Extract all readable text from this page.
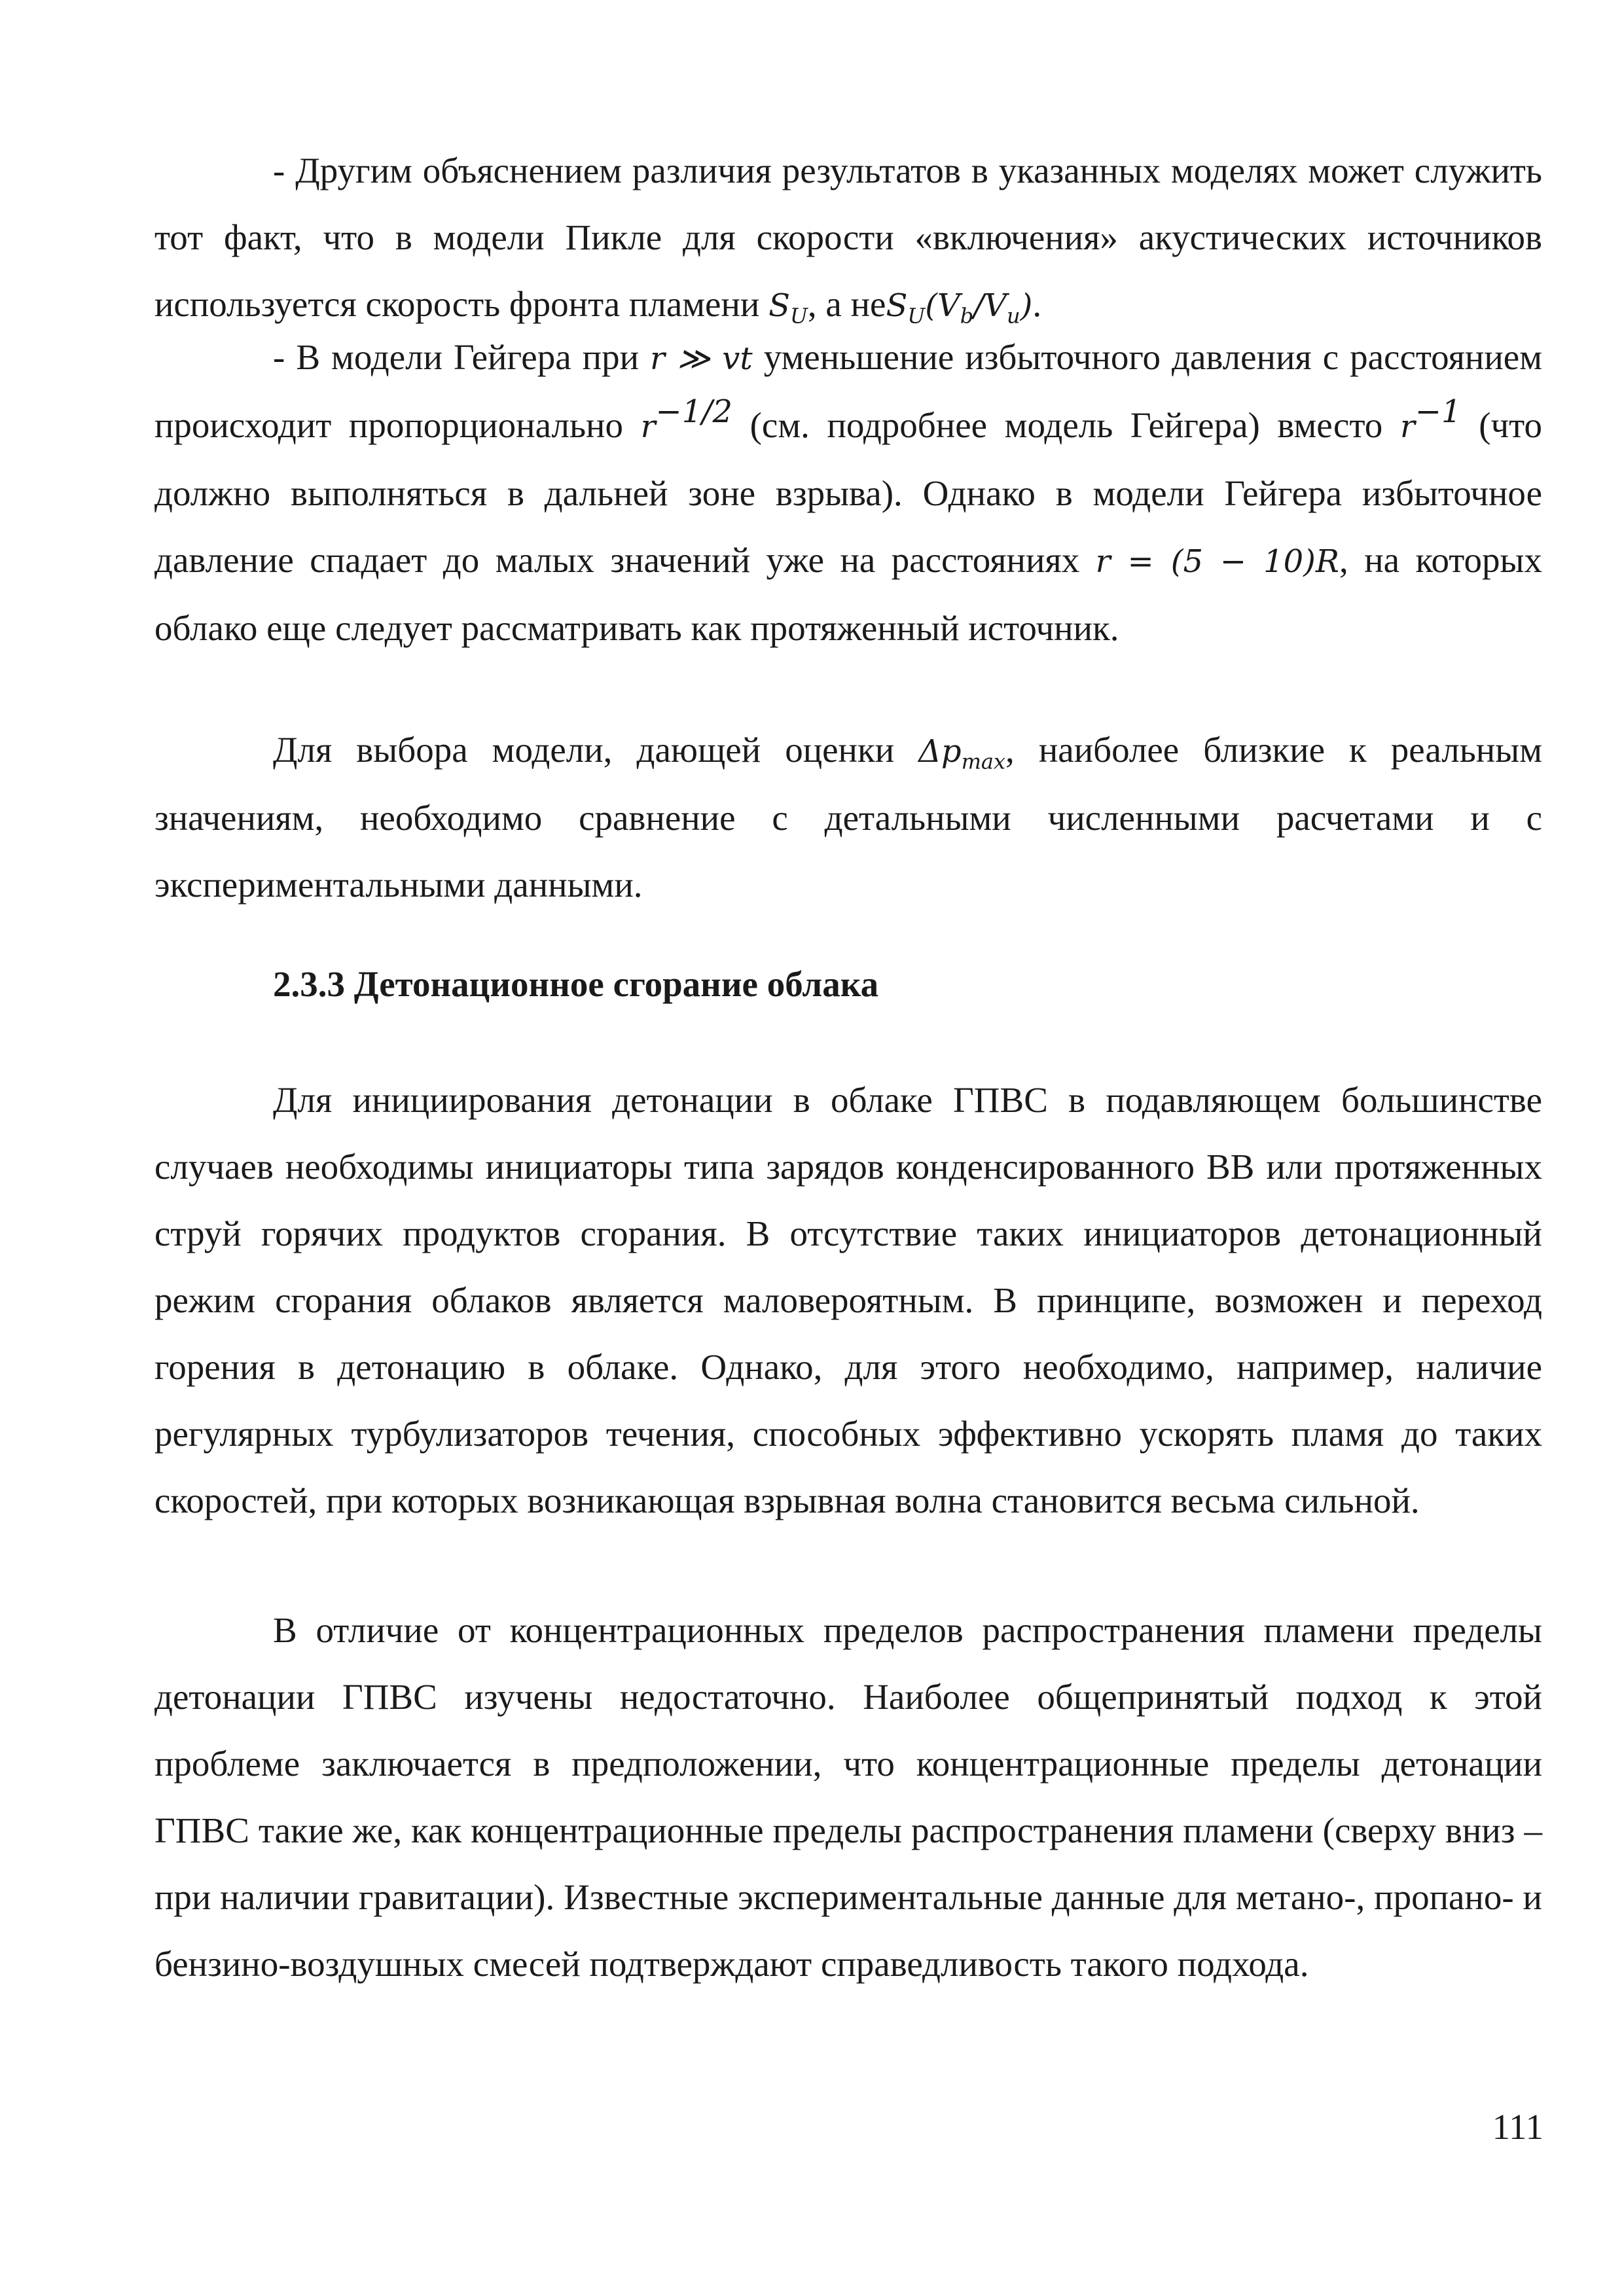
- Другим объяснением различия результатов в указанных моделях может служить тот факт, что в модели Пикле для скорости «включения» акустических источников используется скорость фронта пламени $S_U$, а $неS_U(V_b/V_u)$.

- В модели Гейгера при r ≫ vt уменьшение избыточного давления с расстоянием происходит пропорционально $r^{-1/2}$ (см. подробнее модель Гейгера) вместо $r^{-1}$ (что должно выполняться в дальней зоне взрыва). Однако в модели Гейгера избыточное давление спадает до малых значений уже на расстояниях r = (5 − 10)R, на которых облако еще следует рассматривать как протяженный источник.

Для выбора модели, дающей оценки $\Delta p_{max}$, наиболее близкие к реальным значениям, необходимо сравнение с детальными численными расчетами и с экспериментальными данными.

2.3.3 Детонационное сгорание облака

Для инициирования детонации в облаке ГПВС в подавляющем большинстве случаев необходимы инициаторы типа зарядов конденсированного ВВ или протяженных струй горячих продуктов сгорания. В отсутствие таких инициаторов детонационный режим сгорания облаков является маловероятным. В принципе, возможен и переход горения в детонацию в облаке. Однако, для этого необходимо, например, наличие регулярных турбулизаторов течения, способных эффективно ускорять пламя до таких скоростей, при которых возникающая взрывная волна становится весьма сильной.

В отличие от концентрационных пределов распространения пламени пределы детонации ГПВС изучены недостаточно. Наиболее общепринятый подход к этой проблеме заключается в предположении, что концентрационные пределы детонации ГПВС такие же, как концентрационные пределы распространения пламени (сверху вниз – при наличии гравитации). Известные экспериментальные данные для метано-, пропано- и бензино-воздушных смесей подтверждают справедливость такого подхода.

111
